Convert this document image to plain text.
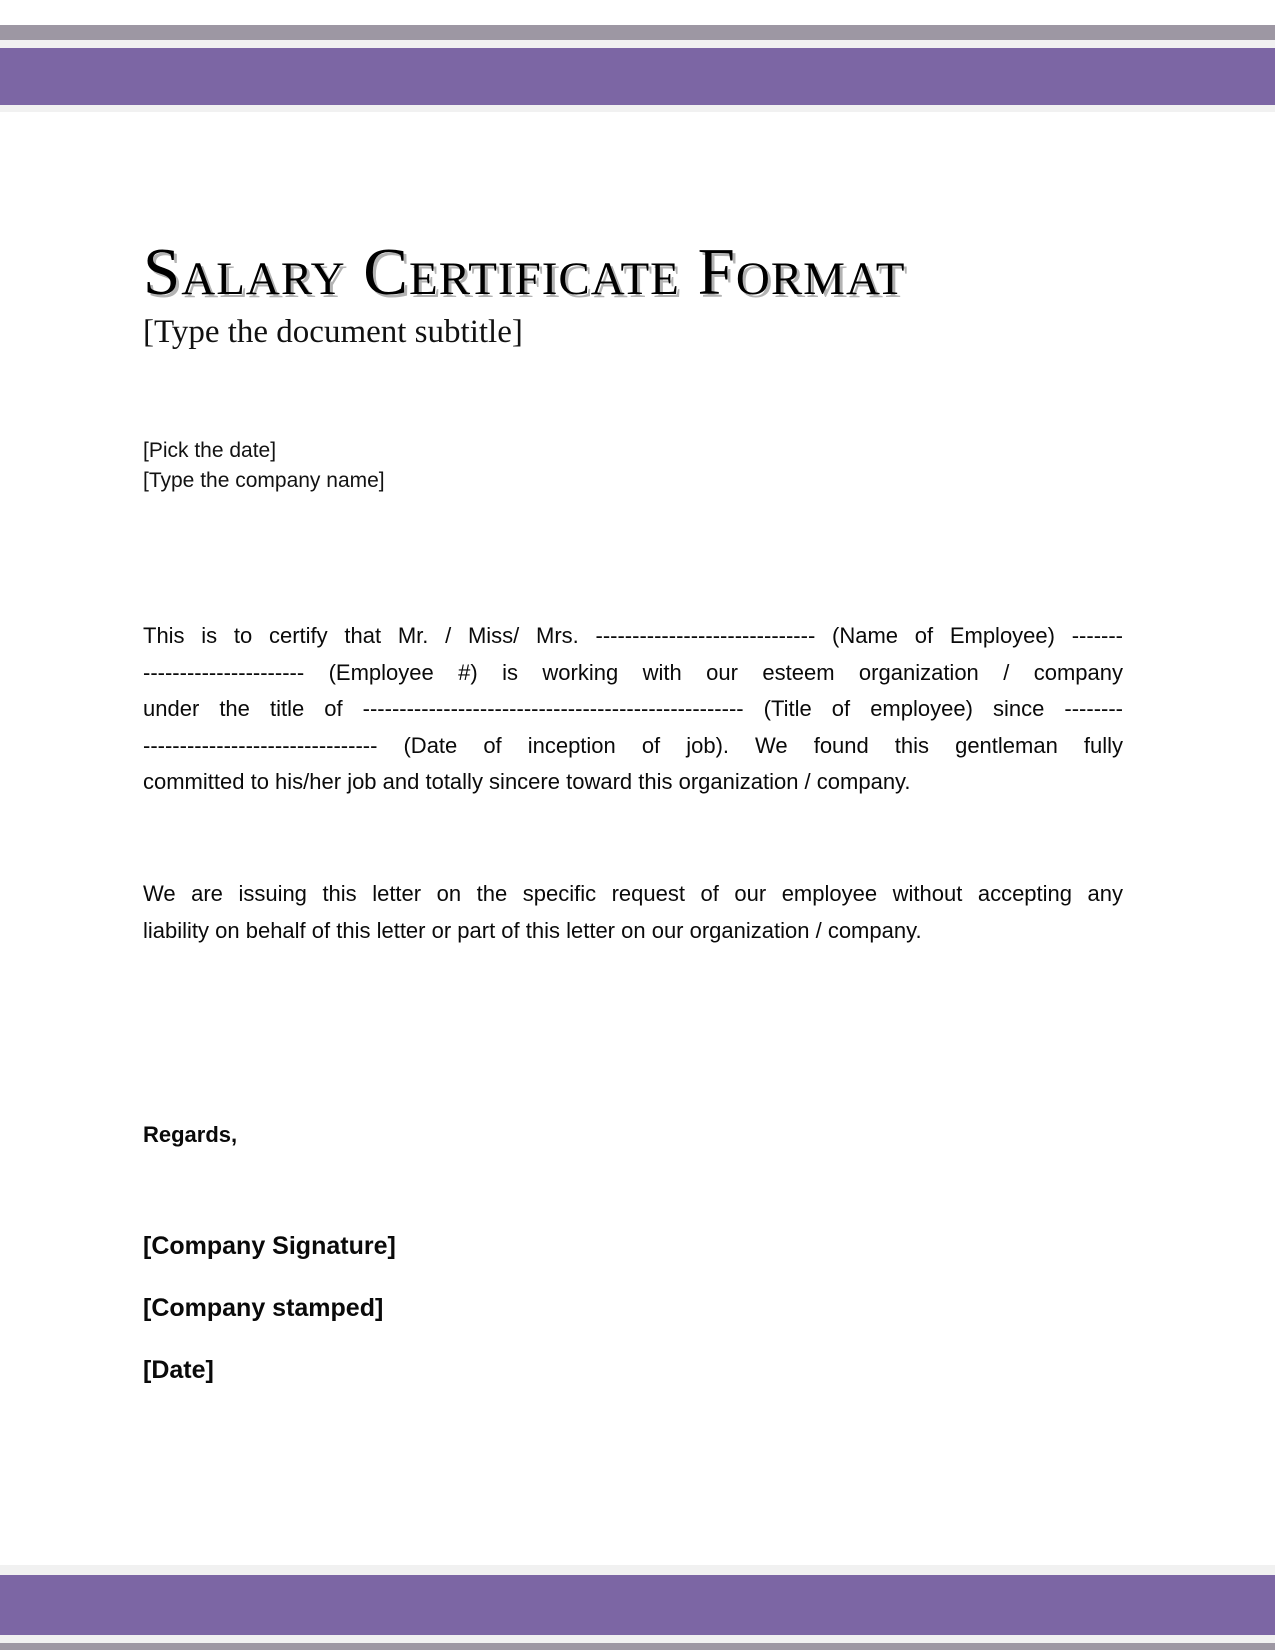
Salary Certificate Format
[Type the document subtitle]
[Pick the date]
[Type the company name]
This is to certify that Mr. / Miss/ Mrs. ------------------------------ (Name of Employee) -------
---------------------- (Employee #) is working with our esteem organization / company
under the title of ---------------------------------------------------- (Title of employee) since --------
-------------------------------- (Date of inception of job). We found this gentleman fully
committed to his/her job and totally sincere toward this organization / company.
We are issuing this letter on the specific request of our employee without accepting any
liability on behalf of this letter or part of this letter on our organization / company.
Regards,
[Company Signature]
[Company stamped]
[Date]
